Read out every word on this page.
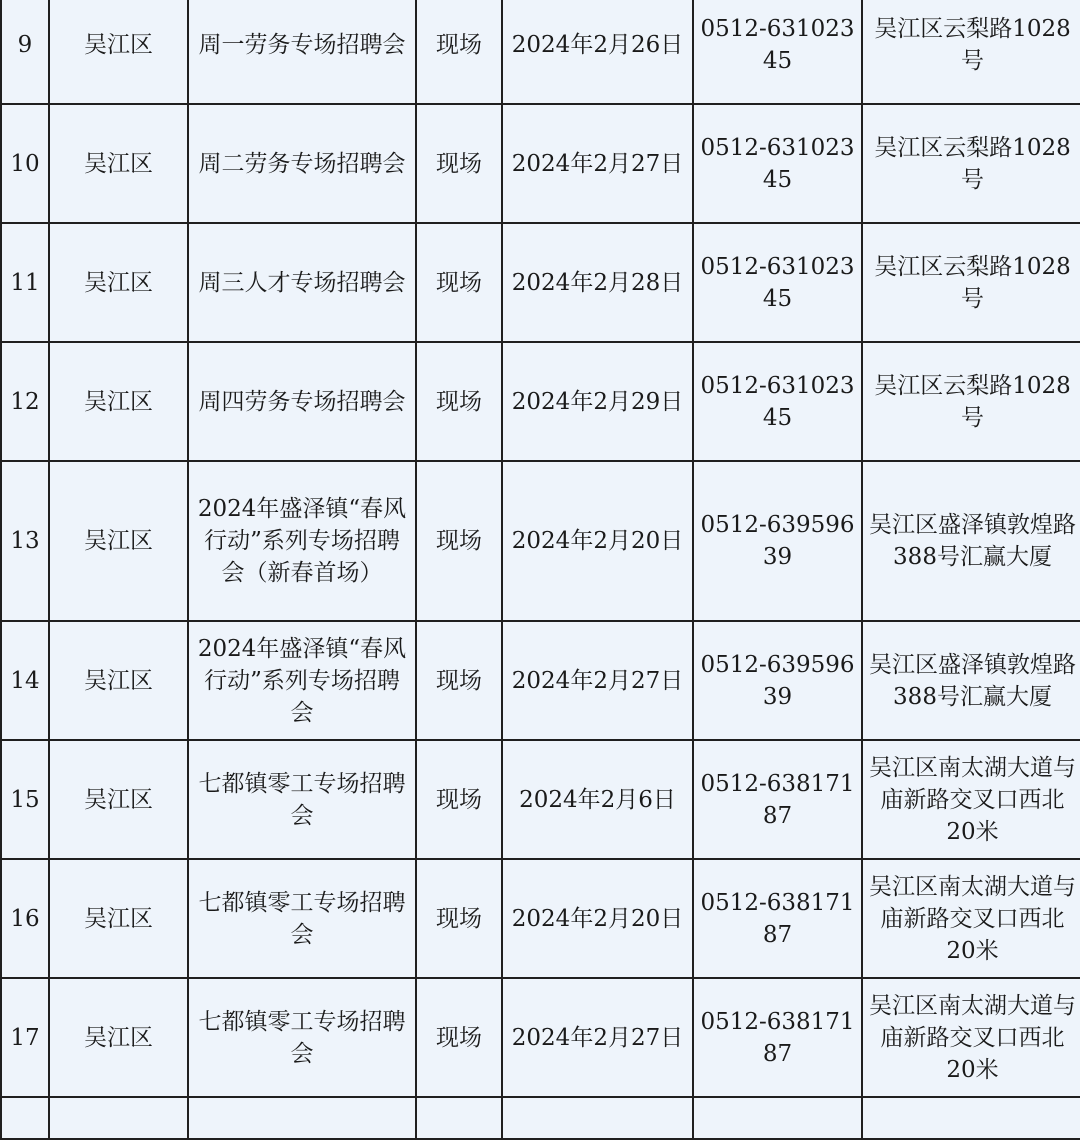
9	吴江区	周一劳务专场招聘会	现场	2024年2月26日	0512-63102345	吴江区云梨路1028号
10	吴江区	周二劳务专场招聘会	现场	2024年2月27日	0512-63102345	吴江区云梨路1028号
11	吴江区	周三人才专场招聘会	现场	2024年2月28日	0512-63102345	吴江区云梨路1028号
12	吴江区	周四劳务专场招聘会	现场	2024年2月29日	0512-63102345	吴江区云梨路1028号
13	吴江区	2024年盛泽镇“春风行动”系列专场招聘会（新春首场）	现场	2024年2月20日	0512-63959639	吴江区盛泽镇敦煌路388号汇赢大厦
14	吴江区	2024年盛泽镇“春风行动”系列专场招聘会	现场	2024年2月27日	0512-63959639	吴江区盛泽镇敦煌路388号汇赢大厦
15	吴江区	七都镇零工专场招聘会	现场	2024年2月6日	0512-63817187	吴江区南太湖大道与庙新路交叉口西北20米
16	吴江区	七都镇零工专场招聘会	现场	2024年2月20日	0512-63817187	吴江区南太湖大道与庙新路交叉口西北20米
17	吴江区	七都镇零工专场招聘会	现场	2024年2月27日	0512-63817187	吴江区南太湖大道与庙新路交叉口西北20米
